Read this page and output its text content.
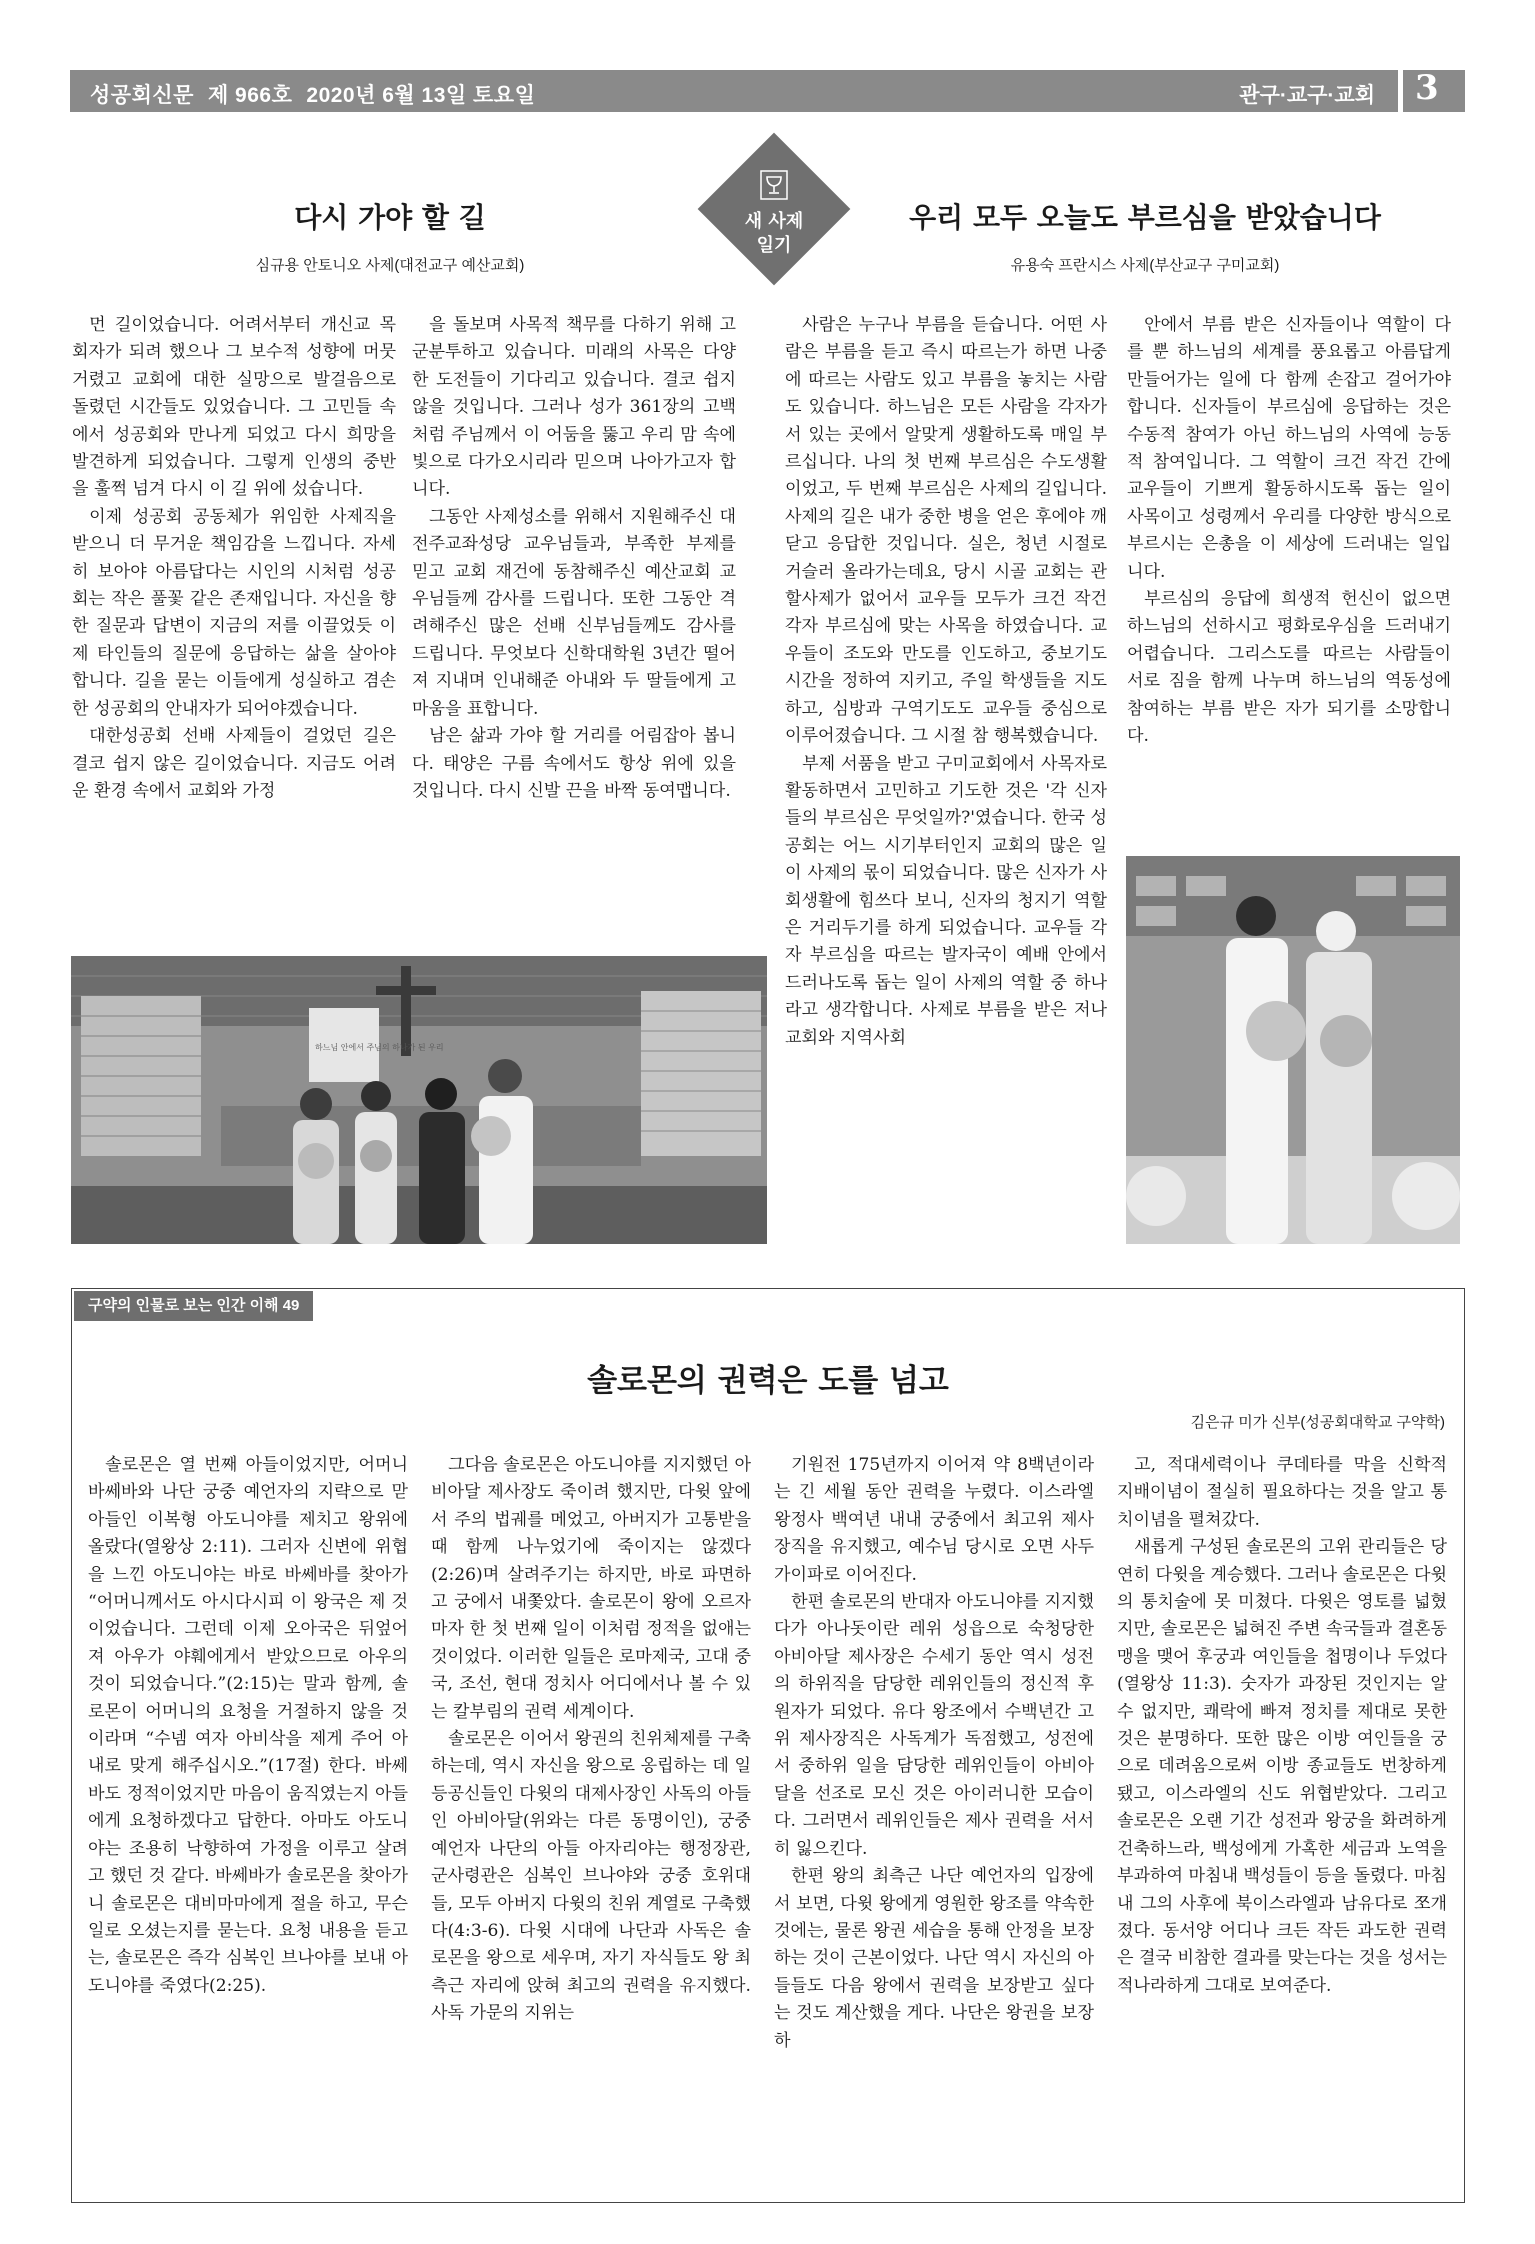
성공회신문 제 966호 2020년 6월 13일 토요일	관구·교구·교회 3
다시 가야 할 길
심규용 안토니오 사제(대전교구 예산교회)
새 사제
일기
우리 모두 오늘도 부르심을 받았습니다
유용숙 프란시스 사제(부산교구 구미교회)

먼 길이었습니다. 어려서부터 개신교 목회자가 되려 했으나 그 보수적 성향에 머뭇거렸고 교회에 대한 실망으로 발걸음으로 돌렸던 시간들도 있었습니다. 그 고민들 속에서 성공회와 만나게 되었고 다시 희망을 발견하게 되었습니다. 그렇게 인생의 중반을 훌쩍 넘겨 다시 이 길 위에 섰습니다.

이제 성공회 공동체가 위임한 사제직을 받으니 더 무거운 책임감을 느낍니다. 자세히 보아야 아름답다는 시인의 시처럼 성공회는 작은 풀꽃 같은 존재입니다. 자신을 향한 질문과 답변이 지금의 저를 이끌었듯 이제 타인들의 질문에 응답하는 삶을 살아야 합니다. 길을 묻는 이들에게 성실하고 겸손한 성공회의 안내자가 되어야겠습니다.

대한성공회 선배 사제들이 걸었던 길은 결코 쉽지 않은 길이었습니다. 지금도 어려운 환경 속에서 교회와 가정

을 돌보며 사목적 책무를 다하기 위해 고군분투하고 있습니다. 미래의 사목은 다양한 도전들이 기다리고 있습니다. 결코 쉽지 않을 것입니다. 그러나 성가 361장의 고백처럼 주님께서 이 어둠을 뚫고 우리 맘 속에 빛으로 다가오시리라 믿으며 나아가고자 합니다.

그동안 사제성소를 위해서 지원해주신 대전주교좌성당 교우님들과, 부족한 부제를 믿고 교회 재건에 동참해주신 예산교회 교우님들께 감사를 드립니다. 또한 그동안 격려해주신 많은 선배 신부님들께도 감사를 드립니다. 무엇보다 신학대학원 3년간 떨어져 지내며 인내해준 아내와 두 딸들에게 고마움을 표합니다.

남은 삶과 가야 할 거리를 어림잡아 봅니다. 태양은 구름 속에서도 항상 위에 있을 것입니다. 다시 신발 끈을 바짝 동여맵니다.

사람은 누구나 부름을 듣습니다. 어떤 사람은 부름을 듣고 즉시 따르는가 하면 나중에 따르는 사람도 있고 부름을 놓치는 사람도 있습니다. 하느님은 모든 사람을 각자가 서 있는 곳에서 알맞게 생활하도록 매일 부르십니다. 나의 첫 번째 부르심은 수도생활이었고, 두 번째 부르심은 사제의 길입니다. 사제의 길은 내가 중한 병을 얻은 후에야 깨닫고 응답한 것입니다. 실은, 청년 시절로 거슬러 올라가는데요, 당시 시골 교회는 관할사제가 없어서 교우들 모두가 크건 작건 각자 부르심에 맞는 사목을 하였습니다. 교우들이 조도와 만도를 인도하고, 중보기도 시간을 정하여 지키고, 주일 학생들을 지도하고, 심방과 구역기도도 교우들 중심으로 이루어졌습니다. 그 시절 참 행복했습니다.

부제 서품을 받고 구미교회에서 사목자로 활동하면서 고민하고 기도한 것은 '각 신자들의 부르심은 무엇일까?'였습니다. 한국 성공회는 어느 시기부터인지 교회의 많은 일이 사제의 몫이 되었습니다. 많은 신자가 사회생활에 힘쓰다 보니, 신자의 청지기 역할은 거리두기를 하게 되었습니다. 교우들 각자 부르심을 따르는 발자국이 예배 안에서 드러나도록 돕는 일이 사제의 역할 중 하나라고 생각합니다. 사제로 부름을 받은 저나 교회와 지역사회

안에서 부름 받은 신자들이나 역할이 다를 뿐 하느님의 세계를 풍요롭고 아름답게 만들어가는 일에 다 함께 손잡고 걸어가야 합니다. 신자들이 부르심에 응답하는 것은 수동적 참여가 아닌 하느님의 사역에 능동적 참여입니다. 그 역할이 크건 작건 간에 교우들이 기쁘게 활동하시도록 돕는 일이 사목이고 성령께서 우리를 다양한 방식으로 부르시는 은총을 이 세상에 드러내는 일입니다.

부르심의 응답에 희생적 헌신이 없으면 하느님의 선하시고 평화로우심을 드러내기 어렵습니다. 그리스도를 따르는 사람들이 서로 짐을 함께 나누며 하느님의 역동성에 참여하는 부름 받은 자가 되기를 소망합니다.

하느님 안에서 주님의 하나가 된 우리
구약의 인물로 보는 인간 이해 49
솔로몬의 권력은 도를 넘고
김은규 미가 신부(성공회대학교 구약학)

솔로몬은 열 번째 아들이었지만, 어머니 바쎄바와 나단 궁중 예언자의 지략으로 맏아들인 이복형 아도니야를 제치고 왕위에 올랐다(열왕상 2:11). 그러자 신변에 위협을 느낀 아도니야는 바로 바쎄바를 찾아가 “어머니께서도 아시다시피 이 왕국은 제 것이었습니다. 그런데 이제 오아국은 뒤엎어져 아우가 야훼에게서 받았으므로 아우의 것이 되었습니다.”(2:15)는 말과 함께, 솔로몬이 어머니의 요청을 거절하지 않을 것이라며 “수넴 여자 아비삭을 제게 주어 아내로 맞게 해주십시오.”(17절) 한다. 바쎄바도 정적이었지만 마음이 움직였는지 아들에게 요청하겠다고 답한다. 아마도 아도니야는 조용히 낙향하여 가정을 이루고 살려고 했던 것 같다. 바쎄바가 솔로몬을 찾아가니 솔로몬은 대비마마에게 절을 하고, 무슨 일로 오셨는지를 묻는다. 요청 내용을 듣고는, 솔로몬은 즉각 심복인 브나야를 보내 아도니야를 죽였다(2:25).

그다음 솔로몬은 아도니야를 지지했던 아비아달 제사장도 죽이려 했지만, 다윗 앞에서 주의 법궤를 메었고, 아버지가 고통받을 때 함께 나누었기에 죽이지는 않겠다(2:26)며 살려주기는 하지만, 바로 파면하고 궁에서 내쫓았다. 솔로몬이 왕에 오르자마자 한 첫 번째 일이 이처럼 정적을 없애는 것이었다. 이러한 일들은 로마제국, 고대 중국, 조선, 현대 정치사 어디에서나 볼 수 있는 칼부림의 권력 세계이다.

솔로몬은 이어서 왕권의 친위체제를 구축하는데, 역시 자신을 왕으로 옹립하는 데 일등공신들인 다윗의 대제사장인 사독의 아들인 아비아달(위와는 다른 동명이인), 궁중 예언자 나단의 아들 아자리야는 행정장관, 군사령관은 심복인 브나야와 궁중 호위대들, 모두 아버지 다윗의 친위 계열로 구축했다(4:3-6). 다윗 시대에 나단과 사독은 솔로몬을 왕으로 세우며, 자기 자식들도 왕 최측근 자리에 앉혀 최고의 권력을 유지했다. 사독 가문의 지위는

기원전 175년까지 이어져 약 8백년이라는 긴 세월 동안 권력을 누렸다. 이스라엘 왕정사 백여년 내내 궁중에서 최고위 제사장직을 유지했고, 예수님 당시로 오면 사두가이파로 이어진다.

한편 솔로몬의 반대자 아도니야를 지지했다가 아나돗이란 레위 성읍으로 숙청당한 아비아달 제사장은 수세기 동안 역시 성전의 하위직을 담당한 레위인들의 정신적 후원자가 되었다. 유다 왕조에서 수백년간 고위 제사장직은 사독계가 독점했고, 성전에서 중하위 일을 담당한 레위인들이 아비아달을 선조로 모신 것은 아이러니한 모습이다. 그러면서 레위인들은 제사 권력을 서서히 잃으킨다.

한편 왕의 최측근 나단 예언자의 입장에서 보면, 다윗 왕에게 영원한 왕조를 약속한 것에는, 물론 왕권 세습을 통해 안정을 보장하는 것이 근본이었다. 나단 역시 자신의 아들들도 다음 왕에서 권력을 보장받고 싶다는 것도 계산했을 게다. 나단은 왕권을 보장하

고, 적대세력이나 쿠데타를 막을 신학적 지배이념이 절실히 필요하다는 것을 알고 통치이념을 펼쳐갔다.

새롭게 구성된 솔로몬의 고위 관리들은 당연히 다윗을 계승했다. 그러나 솔로몬은 다윗의 통치술에 못 미쳤다. 다윗은 영토를 넓혔지만, 솔로몬은 넓혀진 주변 속국들과 결혼동맹을 맺어 후궁과 여인들을 첩명이나 두었다(열왕상 11:3). 숫자가 과장된 것인지는 알 수 없지만, 쾌락에 빠져 정치를 제대로 못한 것은 분명하다. 또한 많은 이방 여인들을 궁으로 데려옴으로써 이방 종교들도 번창하게 됐고, 이스라엘의 신도 위협받았다. 그리고 솔로몬은 오랜 기간 성전과 왕궁을 화려하게 건축하느라, 백성에게 가혹한 세금과 노역을 부과하여 마침내 백성들이 등을 돌렸다. 마침내 그의 사후에 북이스라엘과 남유다로 쪼개졌다. 동서양 어디나 크든 작든 과도한 권력은 결국 비참한 결과를 맞는다는 것을 성서는 적나라하게 그대로 보여준다.
